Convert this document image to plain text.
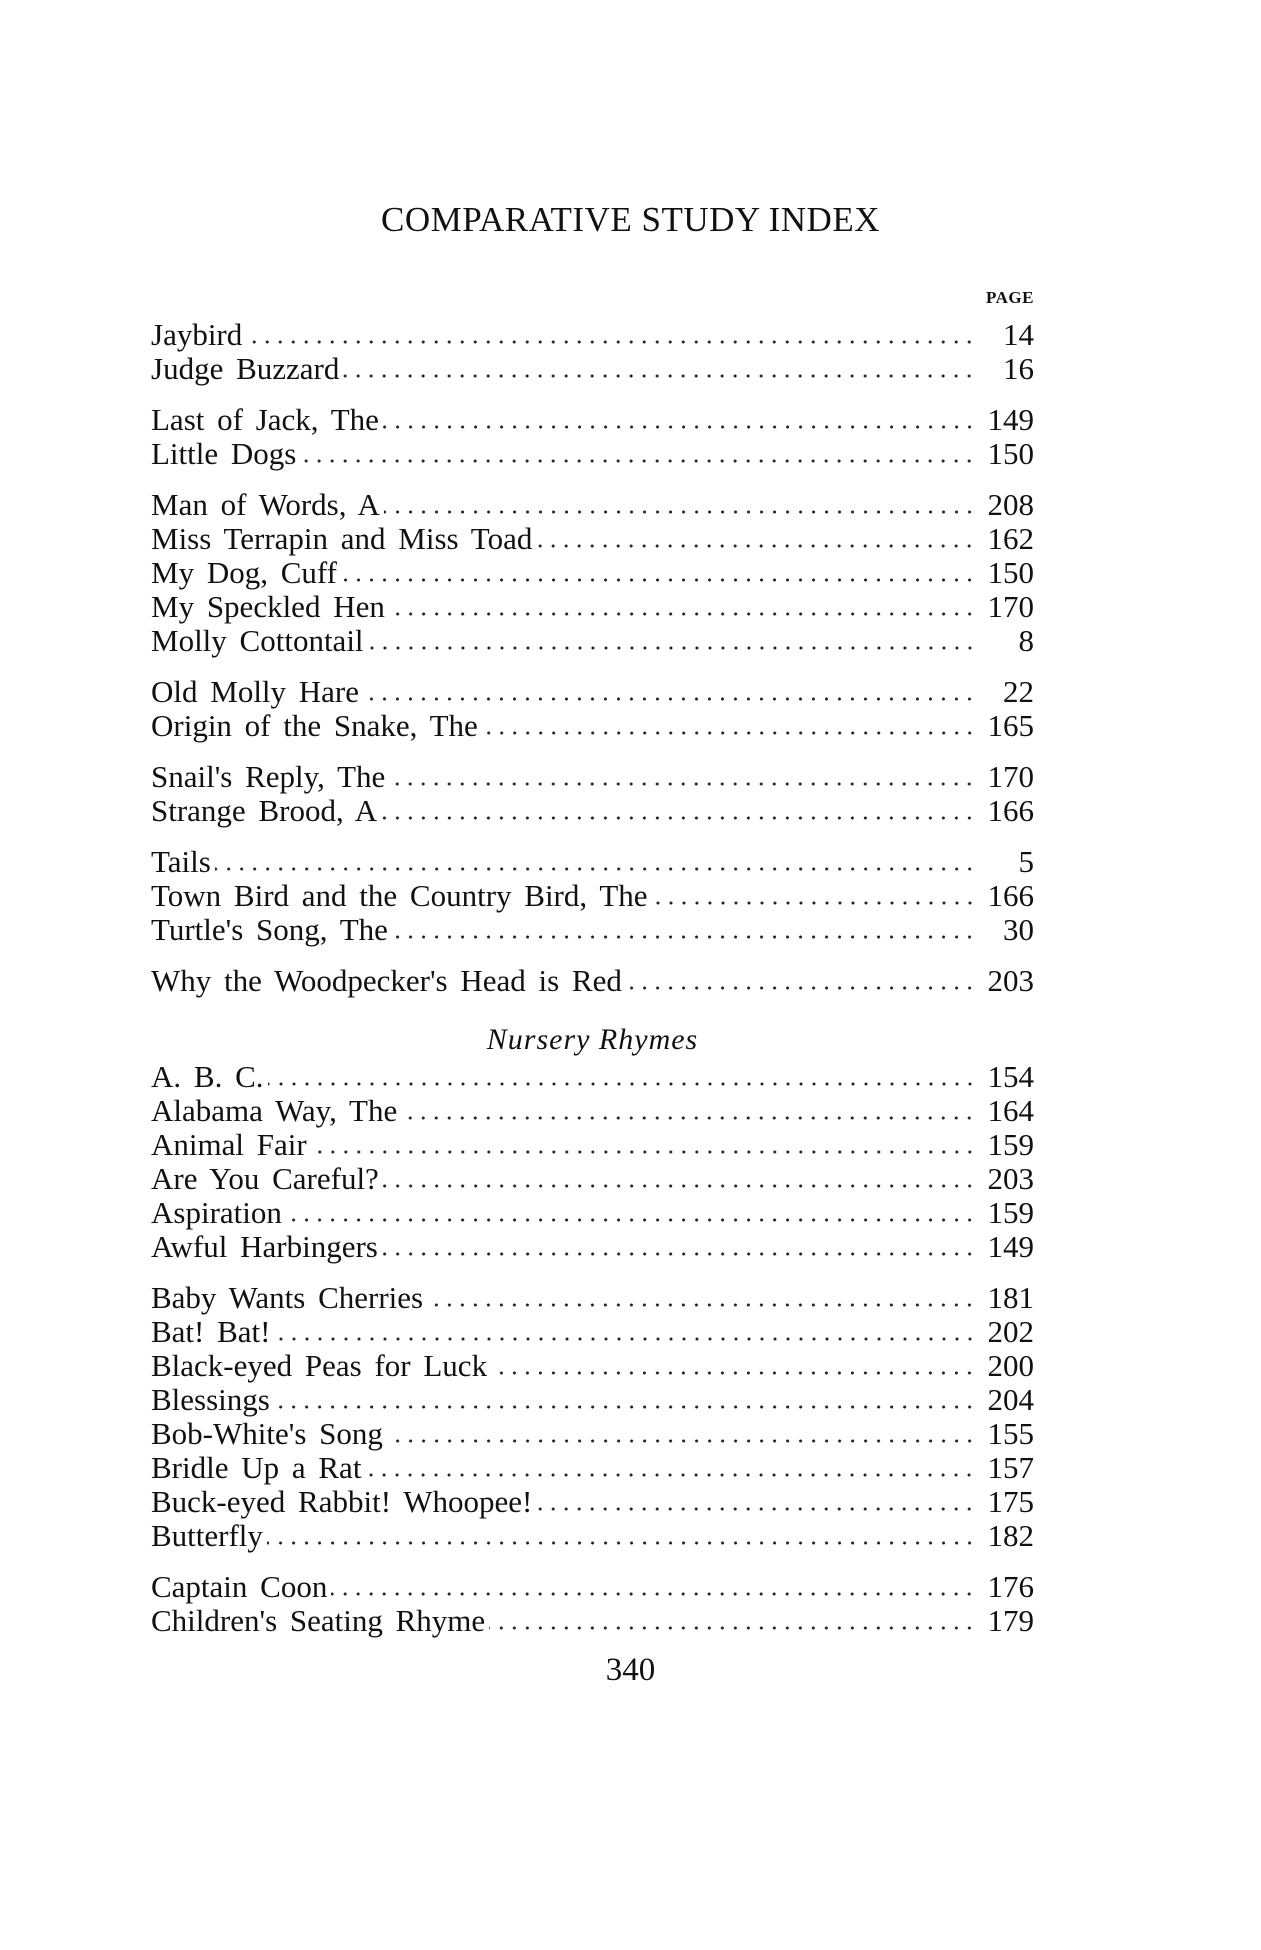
COMPARATIVE STUDY INDEX
PAGE
Jaybird	14
Judge Buzzard	16
Last of Jack, The	149
Little Dogs	150
Man of Words, A	208
Miss Terrapin and Miss Toad	162
My Dog, Cuff	150
My Speckled Hen	170
Molly Cottontail	8
Old Molly Hare	22
Origin of the Snake, The	165
Snail's Reply, The	170
Strange Brood, A	166
Tails	5
Town Bird and the Country Bird, The	166
Turtle's Song, The	30
Why the Woodpecker's Head is Red	203
Nursery Rhymes
A. B. C.	154
Alabama Way, The	164
Animal Fair	159
Are You Careful?	203
Aspiration	159
Awful Harbingers	149
Baby Wants Cherries	181
Bat! Bat!	202
Black-eyed Peas for Luck	200
Blessings	204
Bob-White's Song	155
Bridle Up a Rat	157
Buck-eyed Rabbit! Whoopee!	175
Butterfly	182
Captain Coon	176
Children's Seating Rhyme	179
340
